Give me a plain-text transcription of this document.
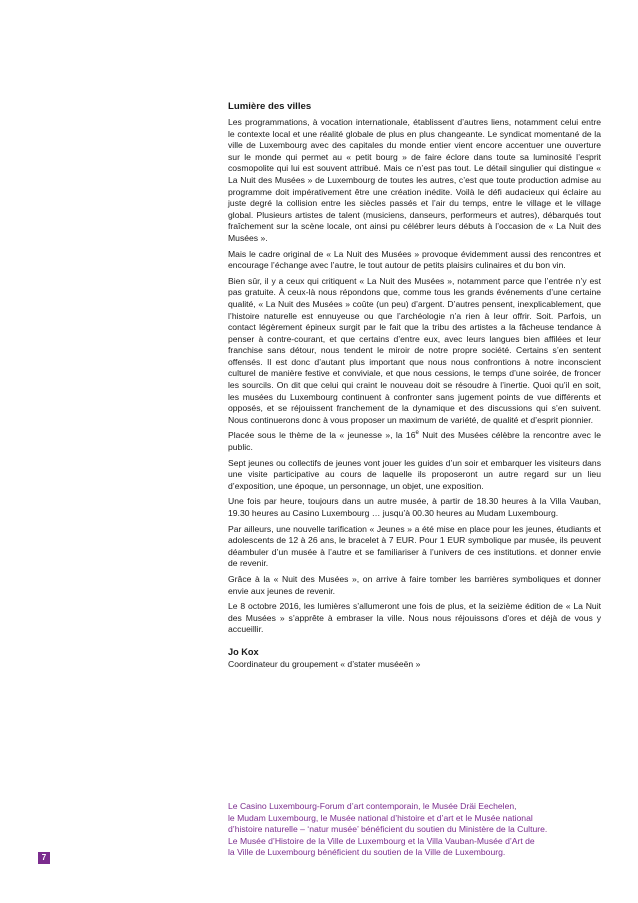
Lumière des villes

Les programmations, à vocation internationale, établissent d’autres liens, notamment celui entre le contexte local et une réalité globale de plus en plus changeante. Le syndicat momentané de la ville de Luxembourg avec des capitales du monde entier vient encore accentuer une ouverture sur le monde qui permet au « petit bourg » de faire éclore dans toute sa luminosité l’esprit cosmopolite qui lui est souvent attribué. Mais ce n’est pas tout. Le détail singulier qui distingue « La Nuit des Musées » de Luxembourg de toutes les autres, c’est que toute production admise au programme doit impérativement être une création inédite. Voilà le défi audacieux qui éclaire au juste degré la collision entre les siècles passés et l’air du temps, entre le village et le village global. Plusieurs artistes de talent (musiciens, danseurs, performeurs et autres), débarqués tout fraîchement sur la scène locale, ont ainsi pu célébrer leurs débuts à l’occasion de « La Nuit des Musées ».

Mais le cadre original de « La Nuit des Musées » provoque évidemment aussi des rencontres et encourage l’échange avec l’autre, le tout autour de petits plaisirs culinaires et du bon vin.

Bien sûr, il y a ceux qui critiquent « La Nuit des Musées », notamment parce que l’entrée n’y est pas gratuite. À ceux-là nous répondons que, comme tous les grands événements d’une certaine qualité, « La Nuit des Musées » coûte (un peu) d’argent. D’autres pensent, inexplicablement, que l’histoire naturelle est ennuyeuse ou que l’archéologie n’a rien à leur offrir. Soit. Parfois, un contact légèrement épineux surgit par le fait que la tribu des artistes a la fâcheuse tendance à penser à contre-courant, et que certains d’entre eux, avec leurs langues bien affilées et leur franchise sans détour, nous tendent le miroir de notre propre société. Certains s’en sentent offensés. Il est donc d’autant plus important que nous nous confrontions à notre inconscient culturel de manière festive et conviviale, et que nous cessions, le temps d’une soirée, de froncer les sourcils. On dit que celui qui craint le nouveau doit se résoudre à l’inertie. Quoi qu’il en soit, les musées du Luxembourg continuent à confronter sans jugement points de vue différents et opposés, et se réjouissent franchement de la dynamique et des discussions qui s’en suivent. Nous continuerons donc à vous proposer un maximum de variété, de qualité et d’esprit pionnier.

Placée sous le thème de la « jeunesse », la 16e Nuit des Musées célèbre la rencontre avec le public.

Sept jeunes ou collectifs de jeunes vont jouer les guides d’un soir et embarquer les visiteurs dans une visite participative au cours de laquelle ils proposeront un autre regard sur un lieu d’exposition, une époque, un personnage, un objet, une exposition.

Une fois par heure, toujours dans un autre musée, à partir de 18.30 heures à la Villa Vauban, 19.30 heures au Casino Luxembourg … jusqu’à 00.30 heures au Mudam Luxembourg.

Par ailleurs, une nouvelle tarification « Jeunes » a été mise en place pour les jeunes, étudiants et adolescents de 12 à 26 ans, le bracelet à 7 EUR. Pour 1 EUR symbolique par musée, ils peuvent déambuler d’un musée à l’autre et se familiariser à l’univers de ces institutions. et donner envie de revenir.

Grâce à la « Nuit des Musées », on arrive à faire tomber les barrières symboliques et donner envie aux jeunes de revenir.

Le 8 octobre 2016, les lumières s’allumeront une fois de plus, et la seizième édition de « La Nuit des Musées » s’apprête à embraser la ville. Nous nous réjouissons d’ores et déjà de vous y accueillir.

Jo Kox

Coordinateur du groupement « d’stater muséeën »

Le Casino Luxembourg-Forum d’art contemporain, le Musée Dräi Eechelen,

le Mudam Luxembourg, le Musée national d’histoire et d’art et le Musée national

d’histoire naturelle – ‘natur musée’ bénéficient du soutien du Ministère de la Culture.

Le Musée d’Histoire de la Ville de Luxembourg et la Villa Vauban-Musée d’Art de

la Ville de Luxembourg bénéficient du soutien de la Ville de Luxembourg.

7
